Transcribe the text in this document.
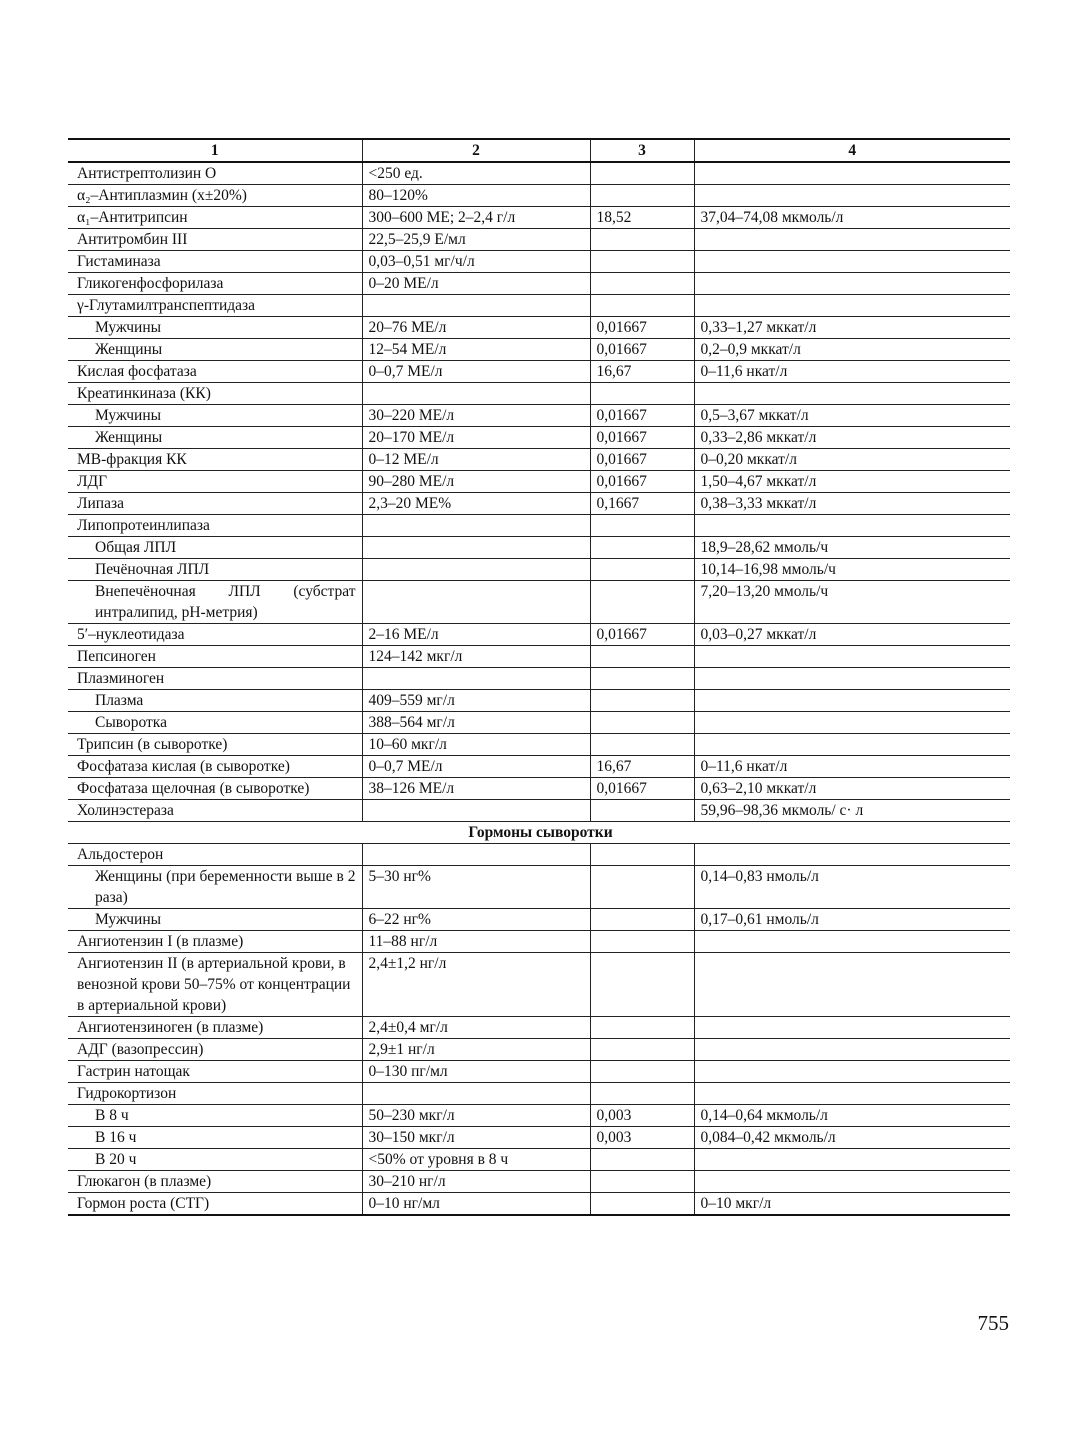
1	2	3	4
Антистрептолизин О	<250 ед.		
α₂–Антиплазмин (x±20%)	80–120%		
α₁–Антитрипсин	300–600 МЕ; 2–2,4 г/л	18,52	37,04–74,08 мкмоль/л
Антитромбин III	22,5–25,9 Е/мл		
Гистаминаза	0,03–0,51 мг/ч/л		
Гликогенфосфорилаза	0–20 МЕ/л		
γ-Глутамилтранспептидаза			
Мужчины	20–76 МЕ/л	0,01667	0,33–1,27 мккат/л
Женщины	12–54 МЕ/л	0,01667	0,2–0,9 мккат/л
Кислая фосфатаза	0–0,7 МЕ/л	16,67	0–11,6 нкат/л
Креатинкиназа (КК)			
Мужчины	30–220 МЕ/л	0,01667	0,5–3,67 мккат/л
Женщины	20–170 МЕ/л	0,01667	0,33–2,86 мккат/л
МВ-фракция КК	0–12 МЕ/л	0,01667	0–0,20 мккат/л
ЛДГ	90–280 МЕ/л	0,01667	1,50–4,67 мккат/л
Липаза	2,3–20 МЕ%	0,1667	0,38–3,33 мккат/л
Липопротеинлипаза			
Общая ЛПЛ			18,9–28,62 ммоль/ч
Печёночная ЛПЛ			10,14–16,98 ммоль/ч
Внепечёночная ЛПЛ (субстрат интралипид, pH-метрия)			7,20–13,20 ммоль/ч
5′–нуклеотидаза	2–16 МЕ/л	0,01667	0,03–0,27 мккат/л
Пепсиноген	124–142 мкг/л		
Плазминоген			
Плазма	409–559 мг/л		
Сыворотка	388–564 мг/л		
Трипсин (в сыворотке)	10–60 мкг/л		
Фосфатаза кислая (в сыворотке)	0–0,7 МЕ/л	16,67	0–11,6 нкат/л
Фосфатаза щелочная (в сыворотке)	38–126 МЕ/л	0,01667	0,63–2,10 мккат/л
Холинэстераза			59,96–98,36 мкмоль/ с· л
Гормоны сыворотки			
Альдостерон			
Женщины (при беременности выше в 2 раза)	5–30 нг%		0,14–0,83 нмоль/л
Мужчины	6–22 нг%		0,17–0,61 нмоль/л
Ангиотензин I (в плазме)	11–88 нг/л		
Ангиотензин II (в артериальной крови, в венозной крови 50–75% от концентрации в артериальной крови)	2,4±1,2 нг/л		
Ангиотензиноген (в плазме)	2,4±0,4 мг/л		
АДГ (вазопрессин)	2,9±1 нг/л		
Гастрин натощак	0–130 пг/мл		
Гидрокортизон			
В 8 ч	50–230 мкг/л	0,003	0,14–0,64 мкмоль/л
В 16 ч	30–150 мкг/л	0,003	0,084–0,42 мкмоль/л
В 20 ч	<50% от уровня в 8 ч		
Глюкагон (в плазме)	30–210 нг/л		
Гормон роста (СТГ)	0–10 нг/мл		0–10 мкг/л
755
